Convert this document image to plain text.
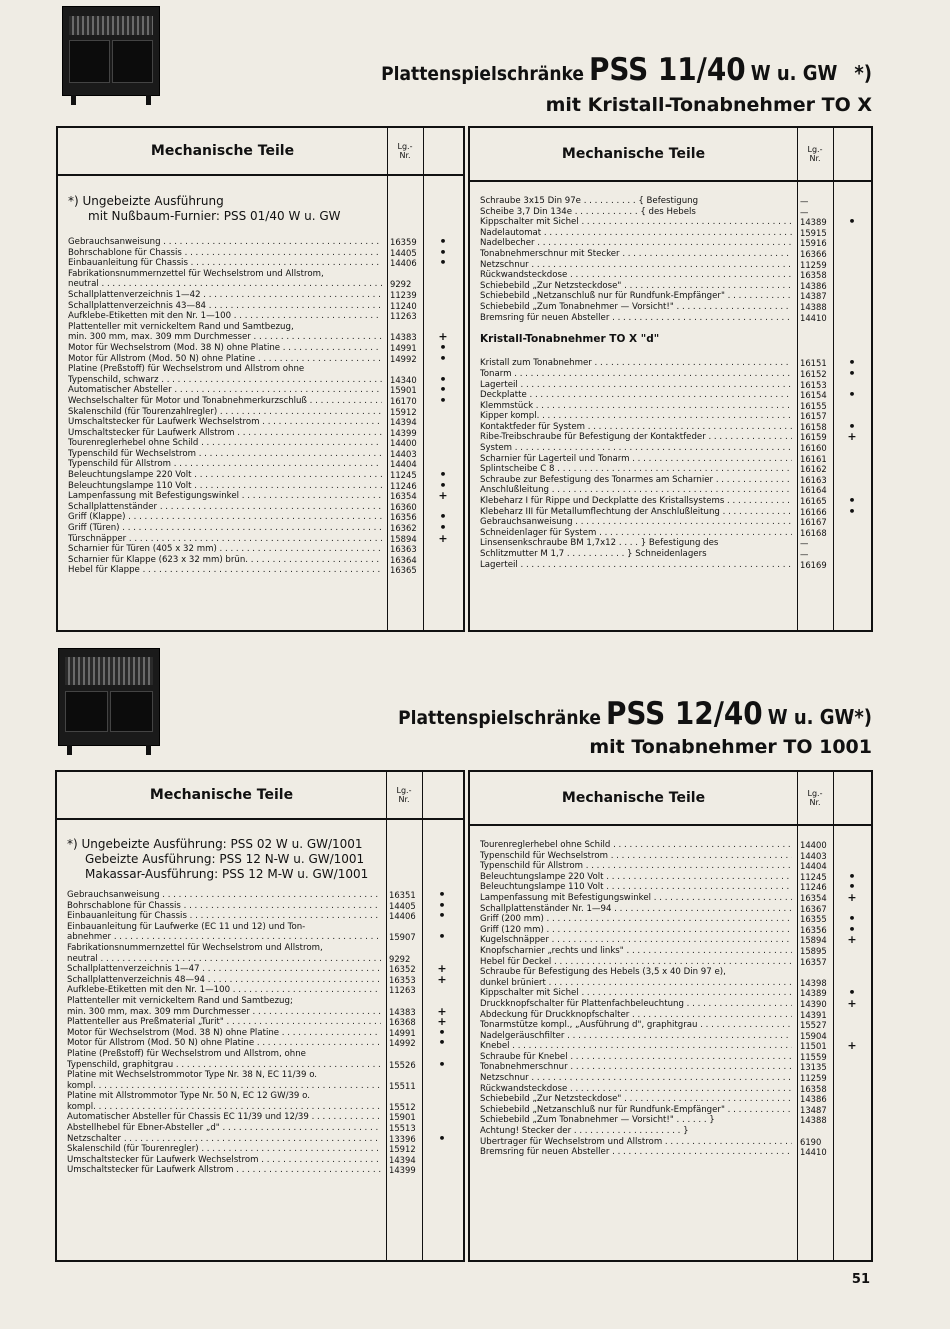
Plattenspielschränke PSS 11/40 W u. GW *)
mit Kristall-Tonabnehmer TO X
Mechanische Teile	Lg.-
Nr.
*) Ungebeizte Ausführung
mit Nußbaum-Furnier: PSS 01/40 W u. GW
Gebrauchsanweisung . . .	16359	•
Bohrschablone für Chassis . . .	14405	•
Einbauanleitung für Chassis . . .	14406	•
Fabrikationsnummernzettel für Wechselstrom und Allstrom,
neutral . . .	9292
Schallplattenverzeichnis 1—42 . . .	11239
Schallplattenverzeichnis 43—84 . . .	11240
Aufklebe-Etiketten mit den Nr. 1—100 . . .	11263
Plattenteller mit vernickeltem Rand und Samtbezug,
min. 300 mm, max. 309 mm Durchmesser . . .	14383	+
Motor für Wechselstrom (Mod. 38 N) ohne Platine . . .	14991	•
Motor für Allstrom (Mod. 50 N) ohne Platine . . .	14992	•
Platine (Preßstoff) für Wechselstrom und Allstrom ohne
Typenschild, schwarz . . .	14340	•
Automatischer Absteller . . .	15901	•
Wechselschalter für Motor und Tonabnehmerkurzschluß . . .	16170	•
Skalenschild (für Tourenzahlregler) . . .	15912
Umschaltstecker für Laufwerk Wechselstrom . . .	14394
Umschaltstecker für Laufwerk Allstrom . . .	14399
Tourenreglerhebel ohne Schild . . .	14400
Typenschild für Wechselstrom . . .	14403
Typenschild für Allstrom . . .	14404
Beleuchtungslampe 220 Volt . . .	11245	•
Beleuchtungslampe 110 Volt . . .	11246	•
Lampenfassung mit Befestigungswinkel . . .	16354	+
Schallplattenständer . . .	16360
Griff (Klappe) . . .	16356	•
Griff (Türen) . . .	16362	•
Türschnäpper . . .	15894	+
Scharnier für Türen (405 x 32 mm) . . .	16363
Scharnier für Klappe (623 x 32 mm) brün. . . .	16364
Hebel für Klappe . . .	16365
Mechanische Teile	Lg.-
Nr.
Schraube 3x15 Din 97e . . . . . . . . . . { Befestigung	—
Scheibe 3,7 Din 134e . . . . . . . . . . . . { des Hebels	—
Kippschalter mit Sichel . . .	14389	•
Nadelautomat . . .	15915
Nadelbecher . . .	15916
Tonabnehmerschnur mit Stecker . . .	16366
Netzschnur . . .	11259
Rückwandsteckdose . . .	16358
Schiebebild „Zur Netzsteckdose" . . .	14386
Schiebebild „Netzanschluß nur für Rundfunk-Empfänger" . . .	14387
Schiebebild „Zum Tonabnehmer — Vorsicht!" . . .	14388
Bremsring für neuen Absteller . . .	14410
Kristall-Tonabnehmer TO X "d"
Kristall zum Tonabnehmer . . .	16151	•
Tonarm . . .	16152	•
Lagerteil . . .	16153
Deckplatte . . .	16154	•
Klemmstück . . .	16155
Kipper kompl. . . .	16157
Kontaktfeder für System . . .	16158	•
Ribe-Treibschraube für Befestigung der Kontaktfeder . . .	16159	+
System . . .	16160
Scharnier für Lagerteil und Tonarm . . .	16161
Splintscheibe C 8 . . .	16162
Schraube zur Befestigung des Tonarmes am Scharnier . . .	16163
Anschlußleitung . . .	16164
Klebeharz I für Rippe und Deckplatte des Kristallsystems . . .	16165	•
Klebeharz III für Metallumflechtung der Anschlußleitung . . .	16166	•
Gebrauchsanweisung . . .	16167
Schneidenlager für System . . .	16168
Linsensenkschraube BM 1,7x12 . . . . } Befestigung des	—
Schlitzmutter M 1,7 . . . . . . . . . . . } Schneidenlagers	—
Lagerteil . . .	16169
Plattenspielschränke PSS 12/40 W u. GW*)
mit Tonabnehmer TO 1001
Mechanische Teile	Lg.-
Nr.
*) Ungebeizte Ausführung: PSS 02 W u. GW/1001
Gebeizte Ausführung: PSS 12 N-W u. GW/1001
Makassar-Ausführung: PSS 12 M-W u. GW/1001
Gebrauchsanweisung . . .	16351	•
Bohrschablone für Chassis . . .	14405	•
Einbauanleitung für Chassis . . .	14406	•
Einbauanleitung für Laufwerke (EC 11 und 12) und Ton-
abnehmer . . .	15907	•
Fabrikationsnummernzettel für Wechselstrom und Allstrom,
neutral . . .	9292
Schallplattenverzeichnis 1—47 . . .	16352	+
Schallplattenverzeichnis 48—94 . . .	16353	+
Aufklebe-Etiketten mit den Nr. 1—100 . . .	11263
Plattenteller mit vernickeltem Rand und Samtbezug;
min. 300 mm, max. 309 mm Durchmesser . . .	14383	+
Plattenteller aus Preßmaterial „Turit" . . .	16368	+
Motor für Wechselstrom (Mod. 38 N) ohne Platine . . .	14991	•
Motor für Allstrom (Mod. 50 N) ohne Platine . . .	14992	•
Platine (Preßstoff) für Wechselstrom und Allstrom, ohne
Typenschild, graphitgrau . . .	15526	•
Platine mit Wechselstrommotor Type Nr. 38 N, EC 11/39 o.
kompl. . . .	15511
Platine mit Allstrommotor Type Nr. 50 N, EC 12 GW/39 o.
kompl. . . .	15512
Automatischer Absteller für Chassis EC 11/39 und 12/39 . . .	15901
Abstellhebel für Ebner-Absteller „d" . . .	15513
Netzschalter . . .	13396	•
Skalenschild (für Tourenregler) . . .	15912
Umschaltstecker für Laufwerk Wechselstrom . . .	14394
Umschaltstecker für Laufwerk Allstrom . . .	14399
Mechanische Teile	Lg.-
Nr.
Tourenreglerhebel ohne Schild . . .	14400
Typenschild für Wechselstrom . . .	14403
Typenschild für Allstrom . . .	14404
Beleuchtungslampe 220 Volt . . .	11245	•
Beleuchtungslampe 110 Volt . . .	11246	•
Lampenfassung mit Befestigungswinkel . . .	16354	+
Schallplattenständer Nr. 1—94 . . .	16367
Griff (200 mm) . . .	16355	•
Griff (120 mm) . . .	16356	•
Kugelschnäpper . . .	15894	+
Knopfscharnier „rechts und links" . . .	15895
Hebel für Deckel . . .	16357
Schraube für Befestigung des Hebels (3,5 x 40 Din 97 e),
dunkel brüniert . . .	14398
Kippschalter mit Sichel . . .	14389	•
Druckknopfschalter für Plattenfachbeleuchtung . . .	14390	+
Abdeckung für Druckknopfschalter . . .	14391
Tonarmstütze kompl., „Ausführung d", graphitgrau . . .	15527
Nadelgeräuschfilter . . .	15904
Knebel . . .	11501	+
Schraube für Knebel . . .	11559
Tonabnehmerschnur . . .	13135
Netzschnur . . .	11259
Rückwandsteckdose . . .	16358
Schiebebild „Zur Netzsteckdose" . . .	14386
Schiebebild „Netzanschluß nur für Rundfunk-Empfänger" . . .	13487
Schiebebild „Zum Tonabnehmer — Vorsicht!" . . . . . . }	14388
Achtung! Stecker der . . . . . . . . . . . . . . . . . . . . }
Übertrager für Wechselstrom und Allstrom . . .	6190
Bremsring für neuen Absteller . . .	14410
51
